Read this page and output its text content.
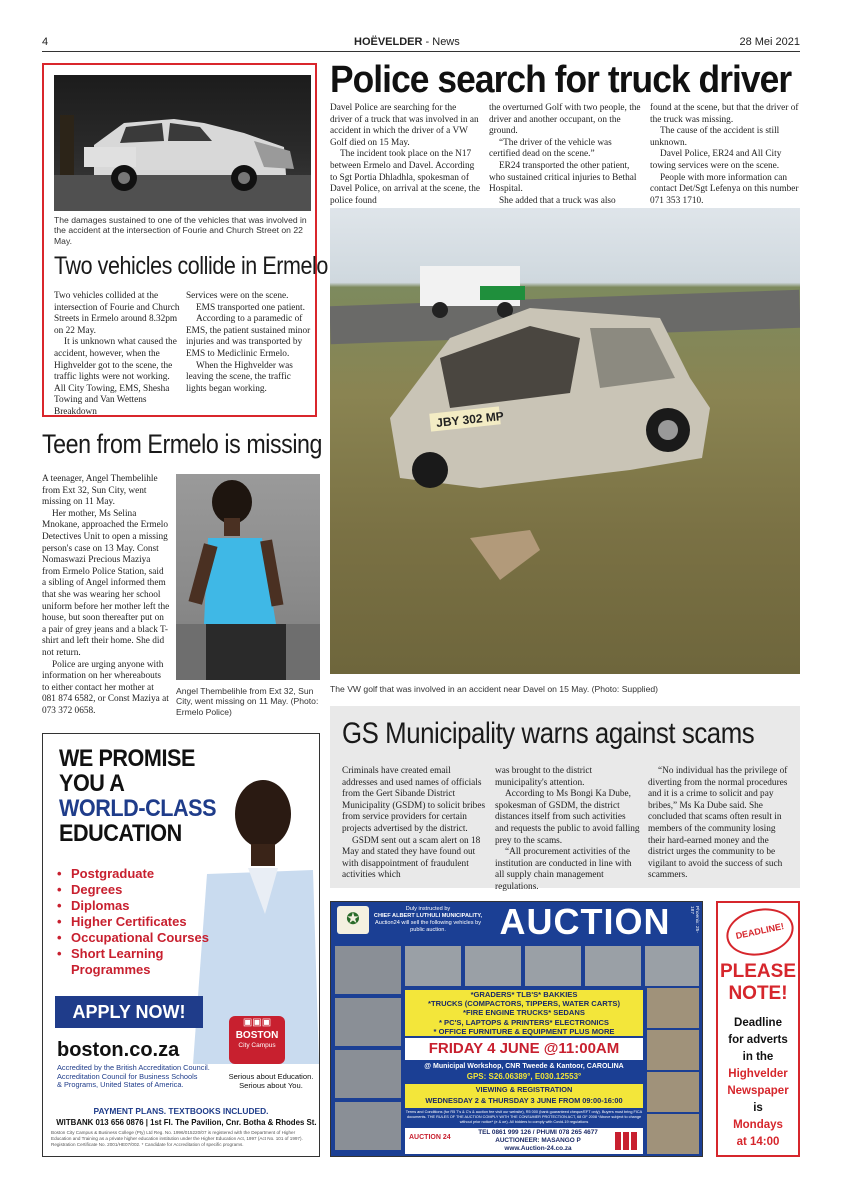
4	HOËVELDER - News	28 Mei 2021
The damages sustained to one of the vehicles that was involved in the accident at the intersection of Fourie and Church Street on 22 May.
Two vehicles collide in Ermelo

Two vehicles collided at the intersection of Fourie and Church Streets in Ermelo around 8.32pm on 22 May.

It is unknown what caused the accident, however, when the Highvelder got to the scene, the traffic lights were not working. All City Towing, EMS, Shesha Towing and Van Wettens Breakdown

Services were on the scene.

EMS transported one patient.

According to a paramedic of EMS, the patient sustained minor injuries and was transported by EMS to Mediclinic Ermelo.

When the Highvelder was leaving the scene, the traffic lights began working.

Police search for truck driver

Davel Police are searching for the driver of a truck that was involved in an accident in which the driver of a VW Golf died on 15 May.

The incident took place on the N17 between Ermelo and Davel. According to Sgt Portia Dhladhla, spokesman of Davel Police, on arrival at the scene, the police found

the overturned Golf with two people, the driver and another occupant, on the ground.

“The driver of the vehicle was certified dead on the scene.”

ER24 transported the other patient, who sustained critical injuries to Bethal Hospital.

She added that a truck was also

found at the scene, but that the driver of the truck was missing.

The cause of the accident is still unknown.

Davel Police, ER24 and All City towing services were on the scene.

People with more information can contact Det/Sgt Lefenya on this number 071 353 1710.

JBY 302 MP
The VW golf that was involved in an accident near Davel on 15 May. (Photo: Supplied)
Teen from Ermelo is missing

A teenager, Angel Thembelihle from Ext 32, Sun City, went missing on 11 May.

Her mother, Ms Selina Mnokane, approached the Ermelo Detectives Unit to open a missing person's case on 13 May. Const Nomaswazi Precious Maziya from Ermelo Police Station, said a sibling of Angel informed them that she was wearing her school uniform before her mother left the house, but soon thereafter put on a pair of grey jeans and a black T-shirt and left their home. She did not return.

Police are urging anyone with information on her whereabouts to either contact her mother at 081 874 6582, or Const Maziya at 073 372 0658.

Angel Thembelihle from Ext 32, Sun City, went missing on 11 May. (Photo: Ermelo Police)
GS Municipality warns against scams

Criminals have created email addresses and used names of officials from the Gert Sibande District Municipality (GSDM) to solicit bribes from service providers for certain projects advertised by the district.

GSDM sent out a scam alert on 18 May and stated they have found out with disappointment of fraudulent activities which

was brought to the district municipality's attention.

According to Ms Bongi Ka Dube, spokesman of GSDM, the district distances itself from such activities and requests the public to avoid falling prey to the scams.

“All procurement activities of the institution are conducted in line with all supply chain management regulations.

“No individual has the privilege of diverting from the normal procedures and it is a crime to solicit and pay bribes,” Ms Ka Dube said. She concluded that scams often result in members of the community losing their hard-earned money and the district urges the community to be vigilant to avoid the success of such scammers.

WE PROMISE
YOU A
WORLD-CLASS
EDUCATION
• Postgraduate
• Degrees
• Diplomas
• Higher Certificates
• Occupational Courses
• Short Learning Programmes
APPLY NOW!
boston.co.za
Accredited by the British Accreditation Council.
Accreditation Council for Business Schools
& Programs, United States of America.
▣▣▣
BOSTON
City Campus
Serious about Education.
Serious about You.
PAYMENT PLANS. TEXTBOOKS INCLUDED.
WITBANK 013 656 0876 | 1st Fl. The Pavilion, Cnr. Botha & Rhodes St.
Boston City Campus & Business College (Pty) Ltd Reg. No. 1996/015220/07 is registered with the Department of Higher Education and Training as a private higher education institution under the Higher Education Act, 1997 (Act No. 101 of 1997). Registration Certificate No. 2001/HE07/002. * Candidate for Accreditation of specific programs.
✪
Duly instructed by
CHIEF ALBERT LUTHULI MUNICIPALITY,
Auction24 will sell the following vehicles by public auction.	AUCTION	Phoenix: 25-187
*GRADERS* TLB'S* BAKKIES
*TRUCKS (COMPACTORS, TIPPERS, WATER CARTS)
*FIRE ENGINE TRUCKS* SEDANS
* PC'S, LAPTOPS & PRINTERS* ELECTRONICS
* OFFICE FURNITURE & EQUIPMENT PLUS MORE
FRIDAY 4 JUNE @11:00AM
@ Municipal Workshop, CNR Tweede & Kantoor, CAROLINA
GPS: S26.06389°, E030.12553°
VIEWING & REGISTRATION
WEDNESDAY 2 & THURSDAY 3 JUNE FROM 09:00-16:00
Terms and Conditions (for R5 T's & C's & auction fee visit our website), R5 000 (bank guaranteed cheque/EFT only). Buyers must bring FICA documents. THE RULES OF THE AUCTION COMPLY WITH THE CONSUMER PROTECTION ACT, 68 OF 2008 *Above subject to change without prior notice* (e & oe). All bidders to comply with Covid-19 regulations
AUCTION 24
TEL 0861 999 126 / PHUMI 078 265 4677
AUCTIONEER: MASANGO P
www.Auction-24.co.za
DEADLINE!
PLEASE
NOTE!
Deadline
for adverts
in the
Highvelder
Newspaper
is
Mondays
at 14:00
